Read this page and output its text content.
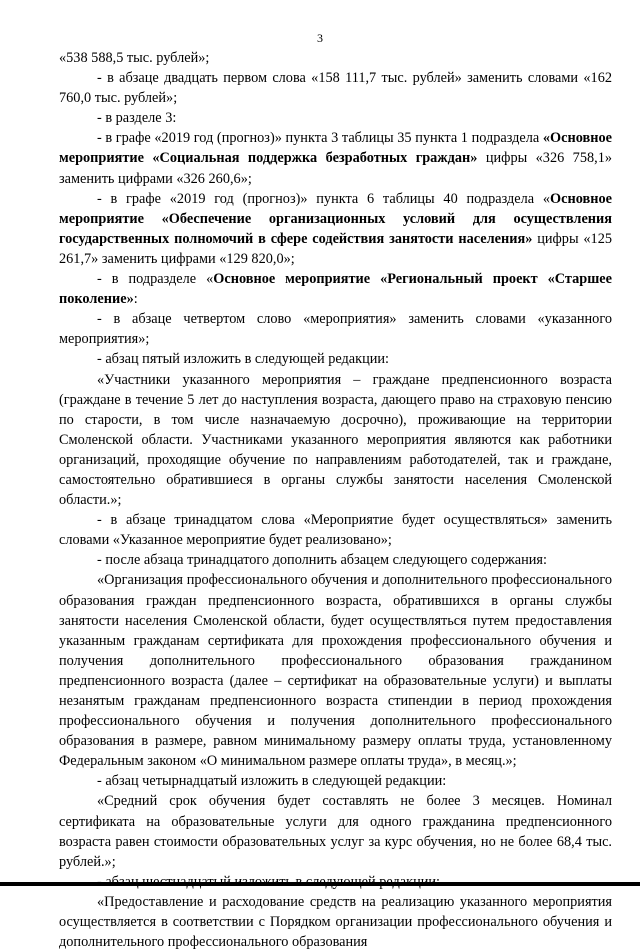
3

«538 588,5 тыс. рублей»;

- в абзаце двадцать первом слова «158 111,7 тыс. рублей» заменить словами «162 760,0 тыс. рублей»;

- в разделе 3:

- в графе «2019 год (прогноз)» пункта 3 таблицы 35 пункта 1 подраздела «Основное мероприятие «Социальная поддержка безработных граждан» цифры «326 758,1» заменить цифрами «326 260,6»;

- в графе «2019 год (прогноз)» пункта 6 таблицы 40 подраздела «Основное мероприятие «Обеспечение организационных условий для осуществления государственных полномочий в сфере содействия занятости населения» цифры «125 261,7» заменить цифрами «129 820,0»;

- в подразделе «Основное мероприятие «Региональный проект «Старшее поколение»:

- в абзаце четвертом слово «мероприятия» заменить словами «указанного мероприятия»;

- абзац пятый изложить в следующей редакции:

«Участники указанного мероприятия – граждане предпенсионного возраста (граждане в течение 5 лет до наступления возраста, дающего право на страховую пенсию по старости, в том числе назначаемую досрочно), проживающие на территории Смоленской области. Участниками указанного мероприятия являются как работники организаций, проходящие обучение по направлениям работодателей, так и граждане, самостоятельно обратившиеся в органы службы занятости населения Смоленской области.»;

- в абзаце тринадцатом слова «Мероприятие будет осуществляться» заменить словами «Указанное мероприятие будет реализовано»;

- после абзаца тринадцатого дополнить абзацем следующего содержания:

«Организация профессионального обучения и дополнительного профессионального образования граждан предпенсионного возраста, обратившихся в органы службы занятости населения Смоленской области, будет осуществляться путем предоставления указанным гражданам сертификата для прохождения профессионального обучения и получения дополнительного профессионального образования гражданином предпенсионного возраста (далее – сертификат на образовательные услуги) и выплаты незанятым гражданам предпенсионного возраста стипендии в период прохождения профессионального обучения и получения дополнительного профессионального образования в размере, равном минимальному размеру оплаты труда, установленному Федеральным законом «О минимальном размере оплаты труда», в месяц.»;

- абзац четырнадцатый изложить в следующей редакции:

«Средний срок обучения будет составлять не более 3 месяцев. Номинал сертификата на образовательные услуги для одного гражданина предпенсионного возраста равен стоимости образовательных услуг за курс обучения, но не более 68,4 тыс. рублей.»;

«Предоставление и расходование средств на реализацию указанного мероприятия осуществляется в соответствии с Порядком организации профессионального обучения и дополнительного профессионального образования
